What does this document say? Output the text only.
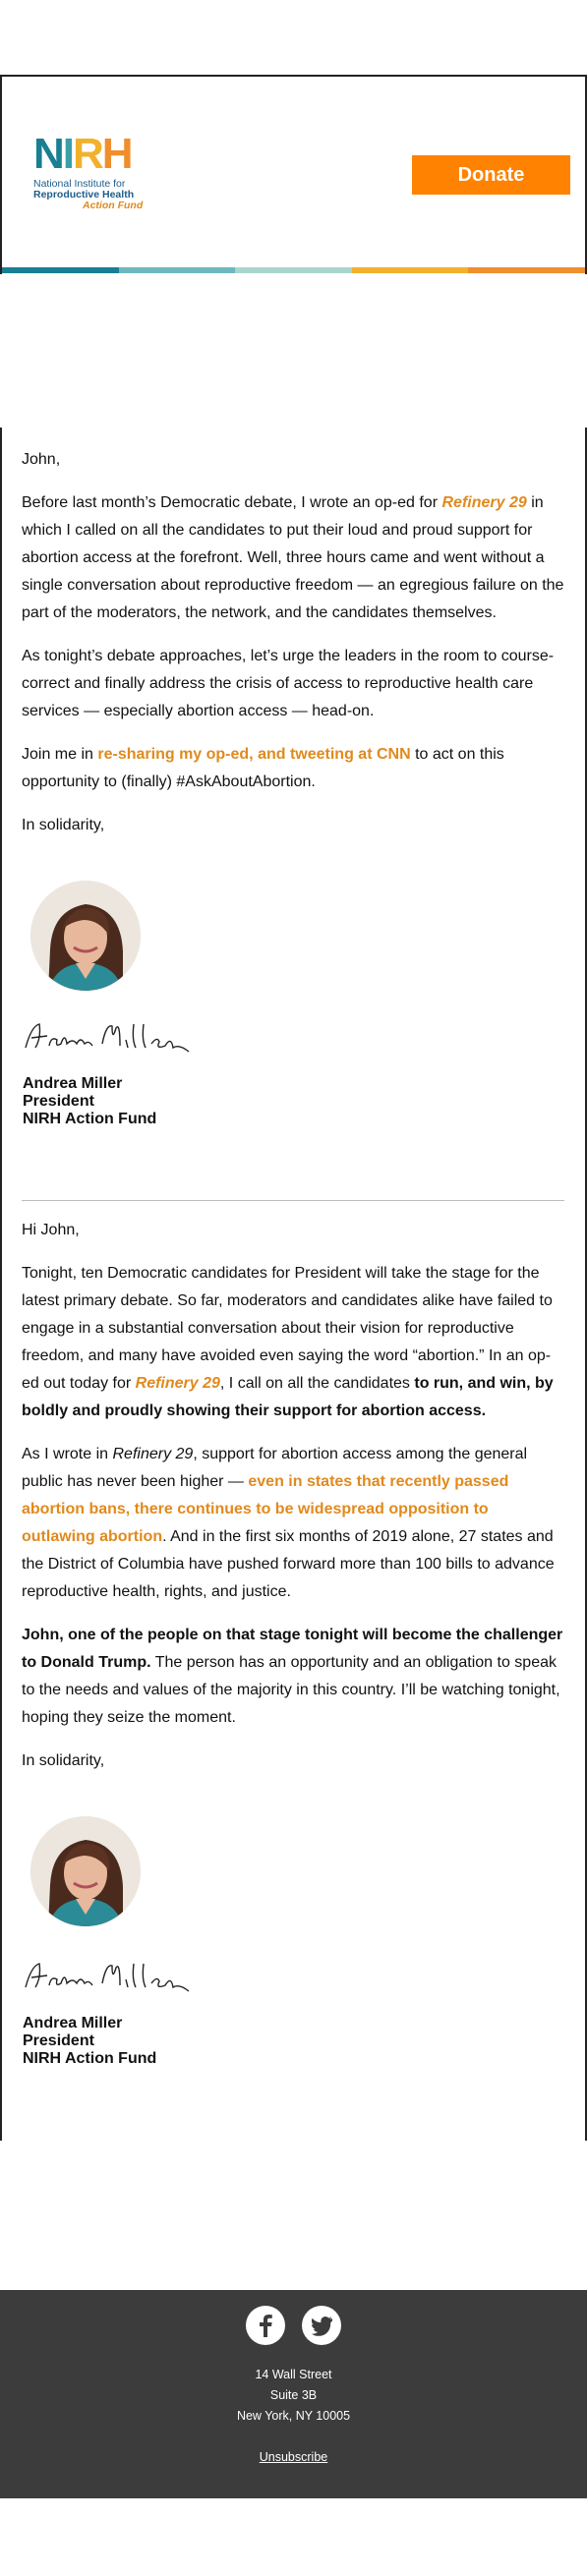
NIRH
National Institute for
Reproductive Health
Action Fund
Donate

John,

Before last month’s Democratic debate, I wrote an op-ed for Refinery 29 in which I called on all the candidates to put their loud and proud support for abortion access at the forefront. Well, three hours came and went without a single conversation about reproductive freedom — an egregious failure on the part of the moderators, the network, and the candidates themselves.

As tonight’s debate approaches, let’s urge the leaders in the room to course-correct and finally address the crisis of access to reproductive health care services — especially abortion access — head-on.

Join me in re-sharing my op-ed, and tweeting at CNN to act on this opportunity to (finally) #AskAboutAbortion.

In solidarity,

Andrea Miller
President
NIRH Action Fund

Hi John,

Tonight, ten Democratic candidates for President will take the stage for the latest primary debate. So far, moderators and candidates alike have failed to engage in a substantial conversation about their vision for reproductive freedom, and many have avoided even saying the word “abortion.” In an op-ed out today for Refinery 29, I call on all the candidates to run, and win, by boldly and proudly showing their support for abortion access.

As I wrote in Refinery 29, support for abortion access among the general public has never been higher — even in states that recently passed abortion bans, there continues to be widespread opposition to outlawing abortion. And in the first six months of 2019 alone, 27 states and the District of Columbia have pushed forward more than 100 bills to advance reproductive health, rights, and justice.

John, one of the people on that stage tonight will become the challenger to Donald Trump. The person has an opportunity and an obligation to speak to the needs and values of the majority in this country. I’ll be watching tonight, hoping they seize the moment.

In solidarity,

Andrea Miller
President
NIRH Action Fund
14 Wall Street
Suite 3B
New York, NY 10005
Unsubscribe
